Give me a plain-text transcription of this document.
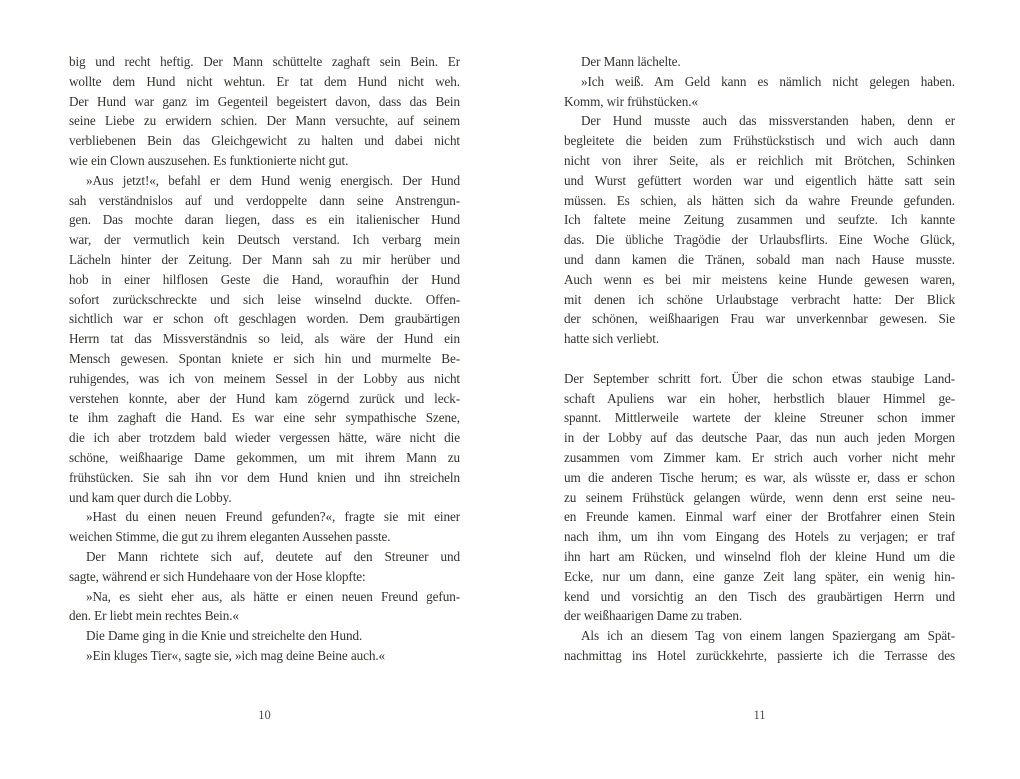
big und recht heftig. Der Mann schüttelte zaghaft sein Bein. Er
wollte dem Hund nicht wehtun. Er tat dem Hund nicht weh.
Der Hund war ganz im Gegenteil begeistert davon, dass das Bein
seine Liebe zu erwidern schien. Der Mann versuchte, auf seinem
verbliebenen Bein das Gleichgewicht zu halten und dabei nicht
wie ein Clown auszusehen. Es funktionierte nicht gut.
»Aus jetzt!«, befahl er dem Hund wenig energisch. Der Hund
sah verständnislos auf und verdoppelte dann seine Anstrengun-
gen. Das mochte daran liegen, dass es ein italienischer Hund
war, der vermutlich kein Deutsch verstand. Ich verbarg mein
Lächeln hinter der Zeitung. Der Mann sah zu mir herüber und
hob in einer hilflosen Geste die Hand, woraufhin der Hund
sofort zurückschreckte und sich leise winselnd duckte. Offen-
sichtlich war er schon oft geschlagen worden. Dem graubärtigen
Herrn tat das Missverständnis so leid, als wäre der Hund ein
Mensch gewesen. Spontan kniete er sich hin und murmelte Be-
ruhigendes, was ich von meinem Sessel in der Lobby aus nicht
verstehen konnte, aber der Hund kam zögernd zurück und leck-
te ihm zaghaft die Hand. Es war eine sehr sympathische Szene,
die ich aber trotzdem bald wieder vergessen hätte, wäre nicht die
schöne, weißhaarige Dame gekommen, um mit ihrem Mann zu
frühstücken. Sie sah ihn vor dem Hund knien und ihn streicheln
und kam quer durch die Lobby.
»Hast du einen neuen Freund gefunden?«, fragte sie mit einer
weichen Stimme, die gut zu ihrem eleganten Aussehen passte.
Der Mann richtete sich auf, deutete auf den Streuner und
sagte, während er sich Hundehaare von der Hose klopfte:
»Na, es sieht eher aus, als hätte er einen neuen Freund gefun-
den. Er liebt mein rechtes Bein.«
Die Dame ging in die Knie und streichelte den Hund.
»Ein kluges Tier«, sagte sie, »ich mag deine Beine auch.«
10
Der Mann lächelte.
»Ich weiß. Am Geld kann es nämlich nicht gelegen haben.
Komm, wir frühstücken.«
Der Hund musste auch das missverstanden haben, denn er
begleitete die beiden zum Frühstückstisch und wich auch dann
nicht von ihrer Seite, als er reichlich mit Brötchen, Schinken
und Wurst gefüttert worden war und eigentlich hätte satt sein
müssen. Es schien, als hätten sich da wahre Freunde gefunden.
Ich faltete meine Zeitung zusammen und seufzte. Ich kannte
das. Die übliche Tragödie der Urlaubsflirts. Eine Woche Glück,
und dann kamen die Tränen, sobald man nach Hause musste.
Auch wenn es bei mir meistens keine Hunde gewesen waren,
mit denen ich schöne Urlaubstage verbracht hatte: Der Blick
der schönen, weißhaarigen Frau war unverkennbar gewesen. Sie
hatte sich verliebt.
Der September schritt fort. Über die schon etwas staubige Land-
schaft Apuliens war ein hoher, herbstlich blauer Himmel ge-
spannt. Mittlerweile wartete der kleine Streuner schon immer
in der Lobby auf das deutsche Paar, das nun auch jeden Morgen
zusammen vom Zimmer kam. Er strich auch vorher nicht mehr
um die anderen Tische herum; es war, als wüsste er, dass er schon
zu seinem Frühstück gelangen würde, wenn denn erst seine neu-
en Freunde kamen. Einmal warf einer der Brotfahrer einen Stein
nach ihm, um ihn vom Eingang des Hotels zu verjagen; er traf
ihn hart am Rücken, und winselnd floh der kleine Hund um die
Ecke, nur um dann, eine ganze Zeit lang später, ein wenig hin-
kend und vorsichtig an den Tisch des graubärtigen Herrn und
der weißhaarigen Dame zu traben.
Als ich an diesem Tag von einem langen Spaziergang am Spät-
nachmittag ins Hotel zurückkehrte, passierte ich die Terrasse des
11
